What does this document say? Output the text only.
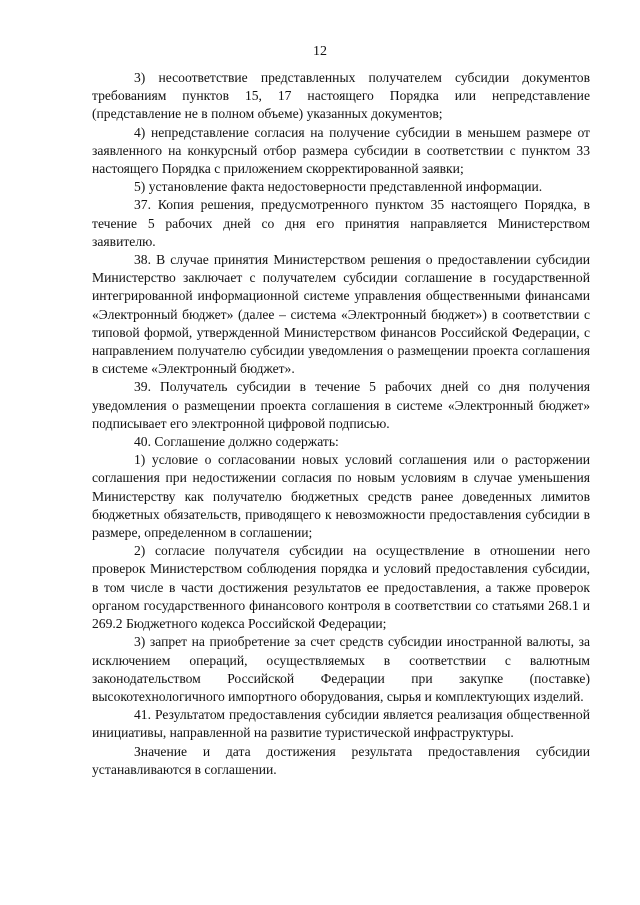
12

3) несоответствие представленных получателем субсидии документов требованиям пунктов 15, 17 настоящего Порядка или непредставление (представление не в полном объеме) указанных документов;

4) непредставление согласия на получение субсидии в меньшем размере от заявленного на конкурсный отбор размера субсидии в соответствии с пунктом 33 настоящего Порядка с приложением скорректированной заявки;

5) установление факта недостоверности представленной информации.

37. Копия решения, предусмотренного пунктом 35 настоящего Порядка, в течение 5 рабочих дней со дня его принятия направляется Министерством заявителю.

38. В случае принятия Министерством решения о предоставлении субсидии Министерство заключает с получателем субсидии соглашение в государственной интегрированной информационной системе управления общественными финансами «Электронный бюджет» (далее – система «Электронный бюджет») в соответствии с типовой формой, утвержденной Министерством финансов Российской Федерации, с направлением получателю субсидии уведомления о размещении проекта соглашения в системе «Электронный бюджет».

39. Получатель субсидии в течение 5 рабочих дней со дня получения уведомления о размещении проекта соглашения в системе «Электронный бюджет» подписывает его электронной цифровой подписью.

40. Соглашение должно содержать:

1) условие о согласовании новых условий соглашения или о расторжении соглашения при недостижении согласия по новым условиям в случае уменьшения Министерству как получателю бюджетных средств ранее доведенных лимитов бюджетных обязательств, приводящего к невозможности предоставления субсидии в размере, определенном в соглашении;

2) согласие получателя субсидии на осуществление в отношении него проверок Министерством соблюдения порядка и условий предоставления субсидии, в том числе в части достижения результатов ее предоставления, а также проверок органом государственного финансового контроля в соответствии со статьями 268.1 и 269.2 Бюджетного кодекса Российской Федерации;

3) запрет на приобретение за счет средств субсидии иностранной валюты, за исключением операций, осуществляемых в соответствии с валютным законодательством Российской Федерации при закупке (поставке) высокотехнологичного импортного оборудования, сырья и комплектующих изделий.

41. Результатом предоставления субсидии является реализация общественной инициативы, направленной на развитие туристической инфраструктуры.

Значение и дата достижения результата предоставления субсидии устанавливаются в соглашении.
